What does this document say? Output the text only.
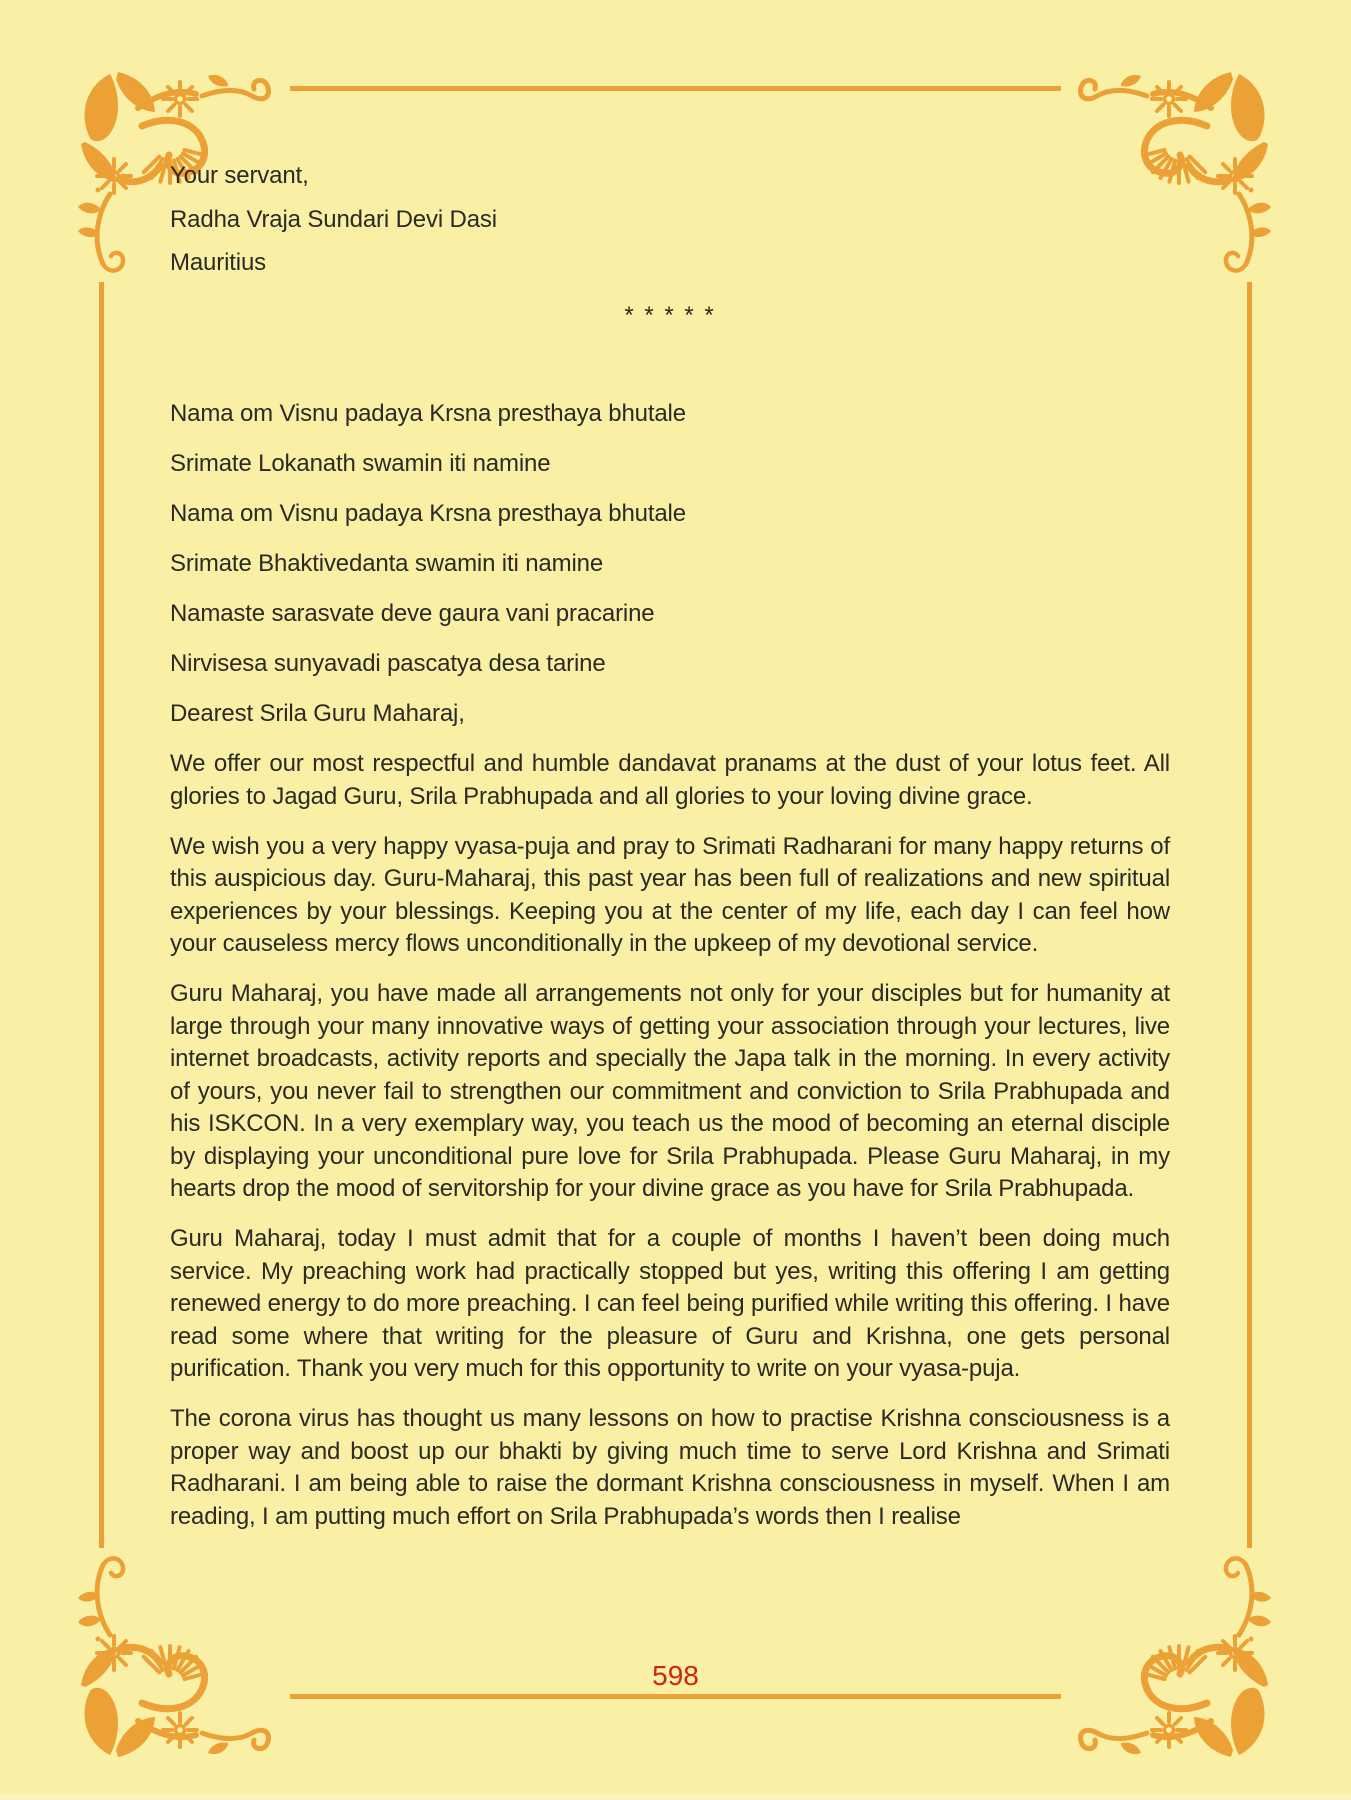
Your servant,

Radha Vraja Sundari Devi Dasi

Mauritius

* * * * *

Nama om Visnu padaya Krsna presthaya bhutale

Srimate Lokanath swamin iti namine

Nama om Visnu padaya Krsna presthaya bhutale

Srimate Bhaktivedanta swamin iti namine

Namaste sarasvate deve gaura vani pracarine

Nirvisesa sunyavadi pascatya desa tarine

Dearest Srila Guru Maharaj,

We offer our most respectful and humble dandavat pranams at the dust of your lotus feet. All glories to Jagad Guru, Srila Prabhupada and all glories to your loving divine grace.

We wish you a very happy vyasa-puja and pray to Srimati Radharani for many happy returns of this auspicious day. Guru-Maharaj, this past year has been full of realizations and new spiritual experiences by your blessings. Keeping you at the center of my life, each day I can feel how your causeless mercy flows unconditionally in the upkeep of my devotional service.

Guru Maharaj, you have made all arrangements not only for your disciples but for humanity at large through your many innovative ways of getting your association through your lectures, live internet broadcasts, activity reports and specially the Japa talk in the morning. In every activity of yours, you never fail to strengthen our commitment and conviction to Srila Prabhupada and his ISKCON. In a very exemplary way, you teach us the mood of becoming an eternal disciple by displaying your unconditional pure love for Srila Prabhupada. Please Guru Maharaj, in my hearts drop the mood of servitorship for your divine grace as you have for Srila Prabhupada.

Guru Maharaj, today I must admit that for a couple of months I haven’t been doing much service. My preaching work had practically stopped but yes, writing this offering I am getting renewed energy to do more preaching. I can feel being purified while writing this offering. I have read some where that writing for the pleasure of Guru and Krishna, one gets personal purification. Thank you very much for this opportunity to write on your vyasa-puja.

The corona virus has thought us many lessons on how to practise Krishna consciousness is a proper way and boost up our bhakti by giving much time to serve Lord Krishna and Srimati Radharani. I am being able to raise the dormant Krishna consciousness in myself. When I am reading, I am putting much effort on Srila Prabhupada’s words then I realise

598
